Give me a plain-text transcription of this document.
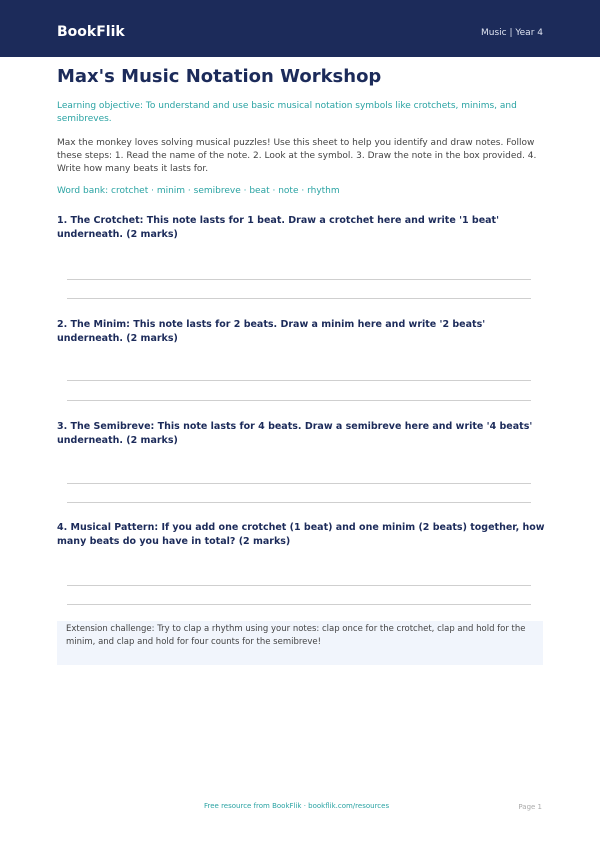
BookFlik	Music | Year 4
Max's Music Notation Workshop
Learning objective: To understand and use basic musical notation symbols like crotchets, minims, and semibreves.
Max the monkey loves solving musical puzzles! Use this sheet to help you identify and draw notes. Follow these steps: 1. Read the name of the note. 2. Look at the symbol. 3. Draw the note in the box provided. 4. Write how many beats it lasts for.
Word bank: crotchet · minim · semibreve · beat · note · rhythm
1. The Crotchet: This note lasts for 1 beat. Draw a crotchet here and write '1 beat' underneath. (2 marks)
2. The Minim: This note lasts for 2 beats. Draw a minim here and write '2 beats' underneath. (2 marks)
3. The Semibreve: This note lasts for 4 beats. Draw a semibreve here and write '4 beats' underneath. (2 marks)
4. Musical Pattern: If you add one crotchet (1 beat) and one minim (2 beats) together, how many beats do you have in total? (2 marks)
Extension challenge: Try to clap a rhythm using your notes: clap once for the crotchet, clap and hold for the minim, and clap and hold for four counts for the semibreve!
Free resource from BookFlik · bookflik.com/resources	Page 1
